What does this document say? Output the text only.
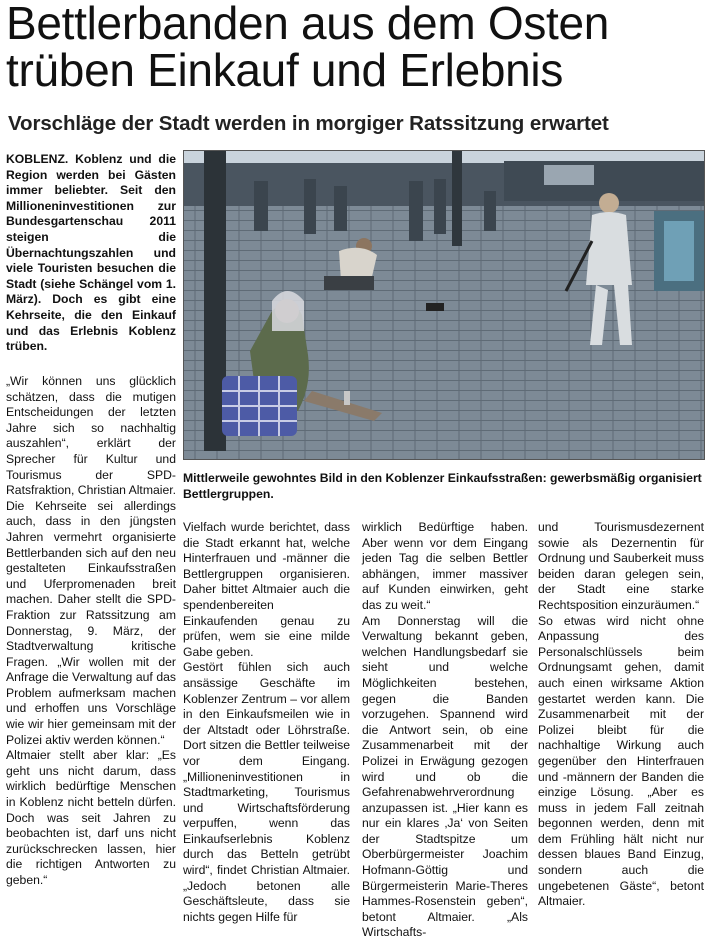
Bettlerbanden aus dem Osten trüben Einkauf und Erlebnis
Vorschläge der Stadt werden in morgiger Ratssitzung erwartet

KOBLENZ. Koblenz und die Region werden bei Gästen immer beliebter. Seit den Millioneninvestitionen zur Bundesgartenschau 2011 steigen die Übernachtungszahlen und viele Touristen besuchen die Stadt (siehe Schängel vom 1. März). Doch es gibt eine Kehrseite, die den Einkauf und das Erlebnis Koblenz trüben.

Mittlerweile gewohntes Bild in den Koblenzer Einkaufsstraßen: gewerbsmäßig organisiert Bettlergruppen.

„Wir können uns glücklich schätzen, dass die mutigen Entscheidungen der letzten Jahre sich so nachhaltig auszahlen“, erklärt der Sprecher für Kultur und Tourismus der SPD-Ratsfraktion, Christian Altmaier. Die Kehrseite sei allerdings auch, dass in den jüngsten Jahren vermehrt organisierte Bettlerbanden sich auf den neu gestalteten Einkaufsstraßen und Uferpromenaden breit machen. Daher stellt die SPD-Fraktion zur Ratssitzung am Donnerstag, 9. März, der Stadtverwaltung kritische Fragen. „Wir wollen mit der Anfrage die Verwaltung auf das Problem aufmerksam machen und erhoffen uns Vorschläge wie wir hier gemeinsam mit der Polizei aktiv werden können.“

Altmaier stellt aber klar: „Es geht uns nicht darum, dass wirklich bedürftige Menschen in Koblenz nicht betteln dürfen. Doch was seit Jahren zu beobachten ist, darf uns nicht zurückschrecken lassen, hier die richtigen Antworten zu geben.“

Vielfach wurde berichtet, dass die Stadt erkannt hat, welche Hinterfrauen und -männer die Bettlergruppen organisieren. Daher bittet Altmaier auch die spendenbereiten Einkaufenden genau zu prüfen, wem sie eine milde Gabe geben.

Gestört fühlen sich auch ansässige Geschäfte im Koblenzer Zentrum – vor allem in den Einkaufsmeilen wie in der Altstadt oder Löhrstraße. Dort sitzen die Bettler teilweise vor dem Eingang. „Millioneninvestitionen in Stadtmarketing, Tourismus und Wirtschaftsförderung verpuffen, wenn das Einkaufserlebnis Koblenz durch das Betteln getrübt wird“, findet Christian Altmaier. „Jedoch betonen alle Geschäftsleute, dass sie nichts gegen Hilfe für

wirklich Bedürftige haben. Aber wenn vor dem Eingang jeden Tag die selben Bettler abhängen, immer massiver auf Kunden einwirken, geht das zu weit.“

Am Donnerstag will die Verwaltung bekannt geben, welchen Handlungsbedarf sie sieht und welche Möglichkeiten bestehen, gegen die Banden vorzugehen. Spannend wird die Antwort sein, ob eine Zusammenarbeit mit der Polizei in Erwägung gezogen wird und ob die Gefahrenabwehrverordnung anzupassen ist. „Hier kann es nur ein klares ‚Ja‘ von Seiten der Stadtspitze um Oberbürgermeister Joachim Hofmann-Göttig und Bürgermeisterin Marie-Theres Hammes-Rosenstein geben“, betont Altmaier. „Als Wirtschafts-

und Tourismusdezernent sowie als Dezernentin für Ordnung und Sauberkeit muss beiden daran gelegen sein, der Stadt eine starke Rechtsposition einzuräumen.“

So etwas wird nicht ohne Anpassung des Personalschlüssels beim Ordnungsamt gehen, damit auch einen wirksame Aktion gestartet werden kann. Die Zusammenarbeit mit der Polizei bleibt für die nachhaltige Wirkung auch gegenüber den Hinterfrauen und -männern der Banden die einzige Lösung. „Aber es muss in jedem Fall zeitnah begonnen werden, denn mit dem Frühling hält nicht nur dessen blaues Band Einzug, sondern auch die ungebetenen Gäste“, betont Altmaier.
